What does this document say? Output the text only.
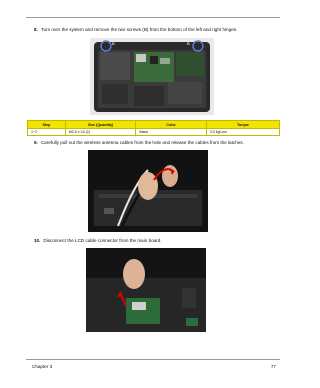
8. Turn over the system and remove the two screws (B) from the bottom of the left and right hinges.
B	B
Step	Size (Quantity)	Color	Torque
1~2	M2.5 x L6 (2)	Black	3.0 kgf-cm
9. Carefully pull out the wireless antenna cables from the hole and release the cables from the latches.
10. Disconnect the LCD cable connector from the main board.
Chapter 3	77
